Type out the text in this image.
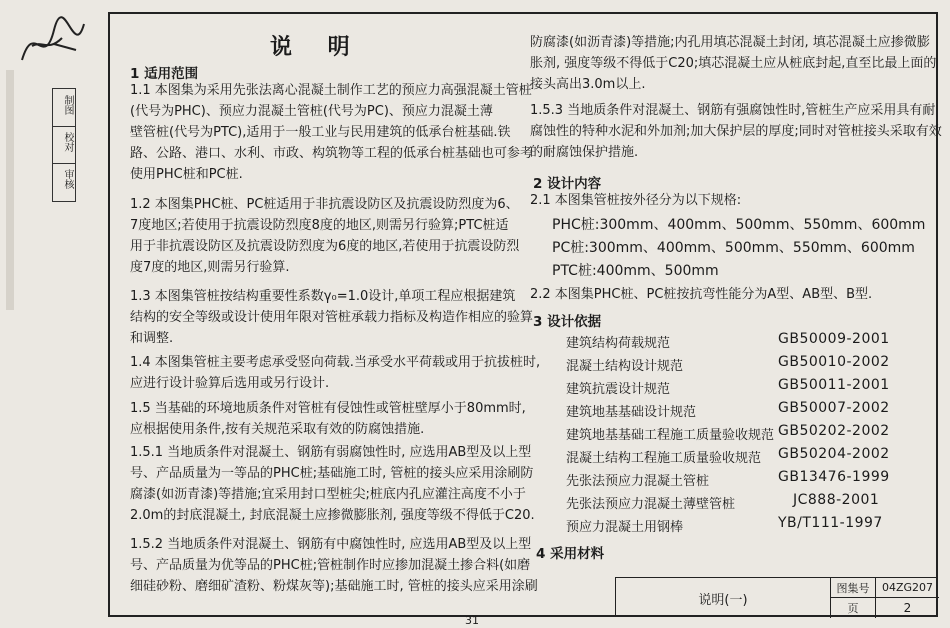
制图
校对
审核
说 明
1 适用范围
1.1 本图集为采用先张法离心混凝土制作工艺的预应力高强混凝土管桩
(代号为PHC)、预应力混凝土管桩(代号为PC)、预应力混凝土薄
壁管桩(代号为PTC),适用于一般工业与民用建筑的低承台桩基础.铁
路、公路、港口、水利、市政、构筑物等工程的低承台桩基础也可参考
使用PHC桩和PC桩.
1.2 本图集PHC桩、PC桩适用于非抗震设防区及抗震设防烈度为6、
7度地区;若使用于抗震设防烈度8度的地区,则需另行验算;PTC桩适
用于非抗震设防区及抗震设防烈度为6度的地区,若使用于抗震设防烈
度7度的地区,则需另行验算.
1.3 本图集管桩按结构重要性系数γ₀=1.0设计,单项工程应根据建筑
结构的安全等级或设计使用年限对管桩承载力指标及构造作相应的验算
和调整.
1.4 本图集管桩主要考虑承受竖向荷载.当承受水平荷载或用于抗拔桩时,
应进行设计验算后选用或另行设计.
1.5 当基础的环境地质条件对管桩有侵蚀性或管桩壁厚小于80mm时,
应根据使用条件,按有关规范采取有效的防腐蚀措施.
1.5.1 当地质条件对混凝土、钢筋有弱腐蚀性时, 应选用AB型及以上型
号、产品质量为一等品的PHC桩;基础施工时, 管桩的接头应采用涂刷防
腐漆(如沥青漆)等措施;宜采用封口型桩尖;桩底内孔应灌注高度不小于
2.0m的封底混凝土, 封底混凝土应掺微膨胀剂, 强度等级不得低于C20.
1.5.2 当地质条件对混凝土、钢筋有中腐蚀性时, 应选用AB型及以上型
号、产品质量为优等品的PHC桩;管桩制作时应掺加混凝土掺合料(如磨
细硅砂粉、磨细矿渣粉、粉煤灰等);基础施工时, 管桩的接头应采用涂刷
防腐漆(如沥青漆)等措施;内孔用填芯混凝土封闭, 填芯混凝土应掺微膨
胀剂, 强度等级不得低于C20;填芯混凝土应从桩底封起,直至比最上面的
接头高出3.0m以上.
1.5.3 当地质条件对混凝土、钢筋有强腐蚀性时,管桩生产应采用具有耐
腐蚀性的特种水泥和外加剂;加大保护层的厚度;同时对管桩接头采取有效
的耐腐蚀保护措施.
2 设计内容
2.1 本图集管桩按外径分为以下规格:
PHC桩:300mm、400mm、500mm、550mm、600mm
PC桩:300mm、400mm、500mm、550mm、600mm
PTC桩:400mm、500mm
2.2 本图集PHC桩、PC桩按抗弯性能分为A型、AB型、B型.
3 设计依据
建筑结构荷载规范	GB50009-2001
混凝土结构设计规范	GB50010-2002
建筑抗震设计规范	GB50011-2001
建筑地基基础设计规范	GB50007-2002
建筑地基基础工程施工质量验收规范 GB50202-2002
混凝土结构工程施工质量验收规范 GB50204-2002
先张法预应力混凝土管桩	GB13476-1999
先张法预应力混凝土薄壁管桩	JC888-2001
预应力混凝土用钢棒	YB/T111-1997
4 采用材料
说明(一)
图集号	04ZG207
页	2
31
